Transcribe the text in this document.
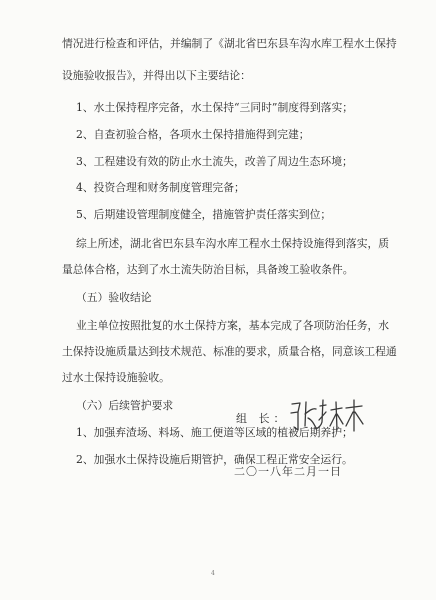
情况进行检查和评估，并编制了《湖北省巴东县车沟水库工程水土保持
设施验收报告》，并得出以下主要结论：
1、水土保持程序完备，水土保持“三同时”制度得到落实；
2、自查初验合格，各项水土保持措施得到完建；
3、工程建设有效的防止水土流失，改善了周边生态环境；
4、投资合理和财务制度管理完备；
5、后期建设管理制度健全，措施管护责任落实到位；
综上所述，湖北省巴东县车沟水库工程水土保持设施得到落实，质
量总体合格，达到了水土流失防治目标，具备竣工验收条件。
（五）验收结论
业主单位按照批复的水土保持方案，基本完成了各项防治任务，水
土保持设施质量达到技术规范、标准的要求，质量合格，同意该工程通
过水土保持设施验收。
（六）后续管护要求
1、加强弃渣场、料场、施工便道等区域的植被后期养护；
2、加强水土保持设施后期管护，确保工程正常安全运行。
组 长：
二〇一八年二月一日
4
